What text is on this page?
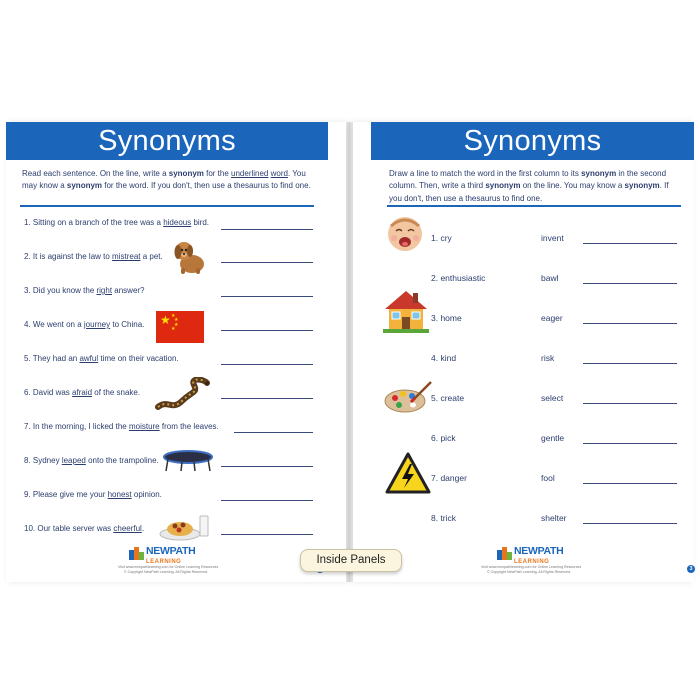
Synonyms
Read each sentence. On the line, write a synonym for the underlined word. You may know a synonym for the word. If you don't, then use a thesaurus to find one.
1. Sitting on a branch of the tree was a hideous bird.
2. It is against the law to mistreat a pet.
3. Did you know the right answer?
4. We went on a journey to China.
5. They had an awful time on their vacation.
6. David was afraid of the snake.
7. In the morning, I licked the moisture from the leaves.
8. Sydney leaped onto the trampoline.
9. Please give me your honest opinion.
10. Our table server was cheerful.
★ ★
★
★
★
NEWPATH
LEARNING
Visit www.newpathlearning.com for Online Learning Resources
© Copyright NewPath Learning. All Rights Reserved.
Synonyms
Draw a line to match the word in the first column to its synonym in the second column. Then, write a third synonym on the line. You may know a synonym. If you don't, then use a thesaurus to find one.
1. cry	invent
2. enthusiastic	bawl
3. home	eager
4. kind	risk
5. create	select
6. pick	gentle
7. danger	fool
8. trick	shelter
NEWPATH
LEARNING
Visit www.newpathlearning.com for Online Learning Resources
© Copyright NewPath Learning. All Rights Reserved.	3
Inside Panels
